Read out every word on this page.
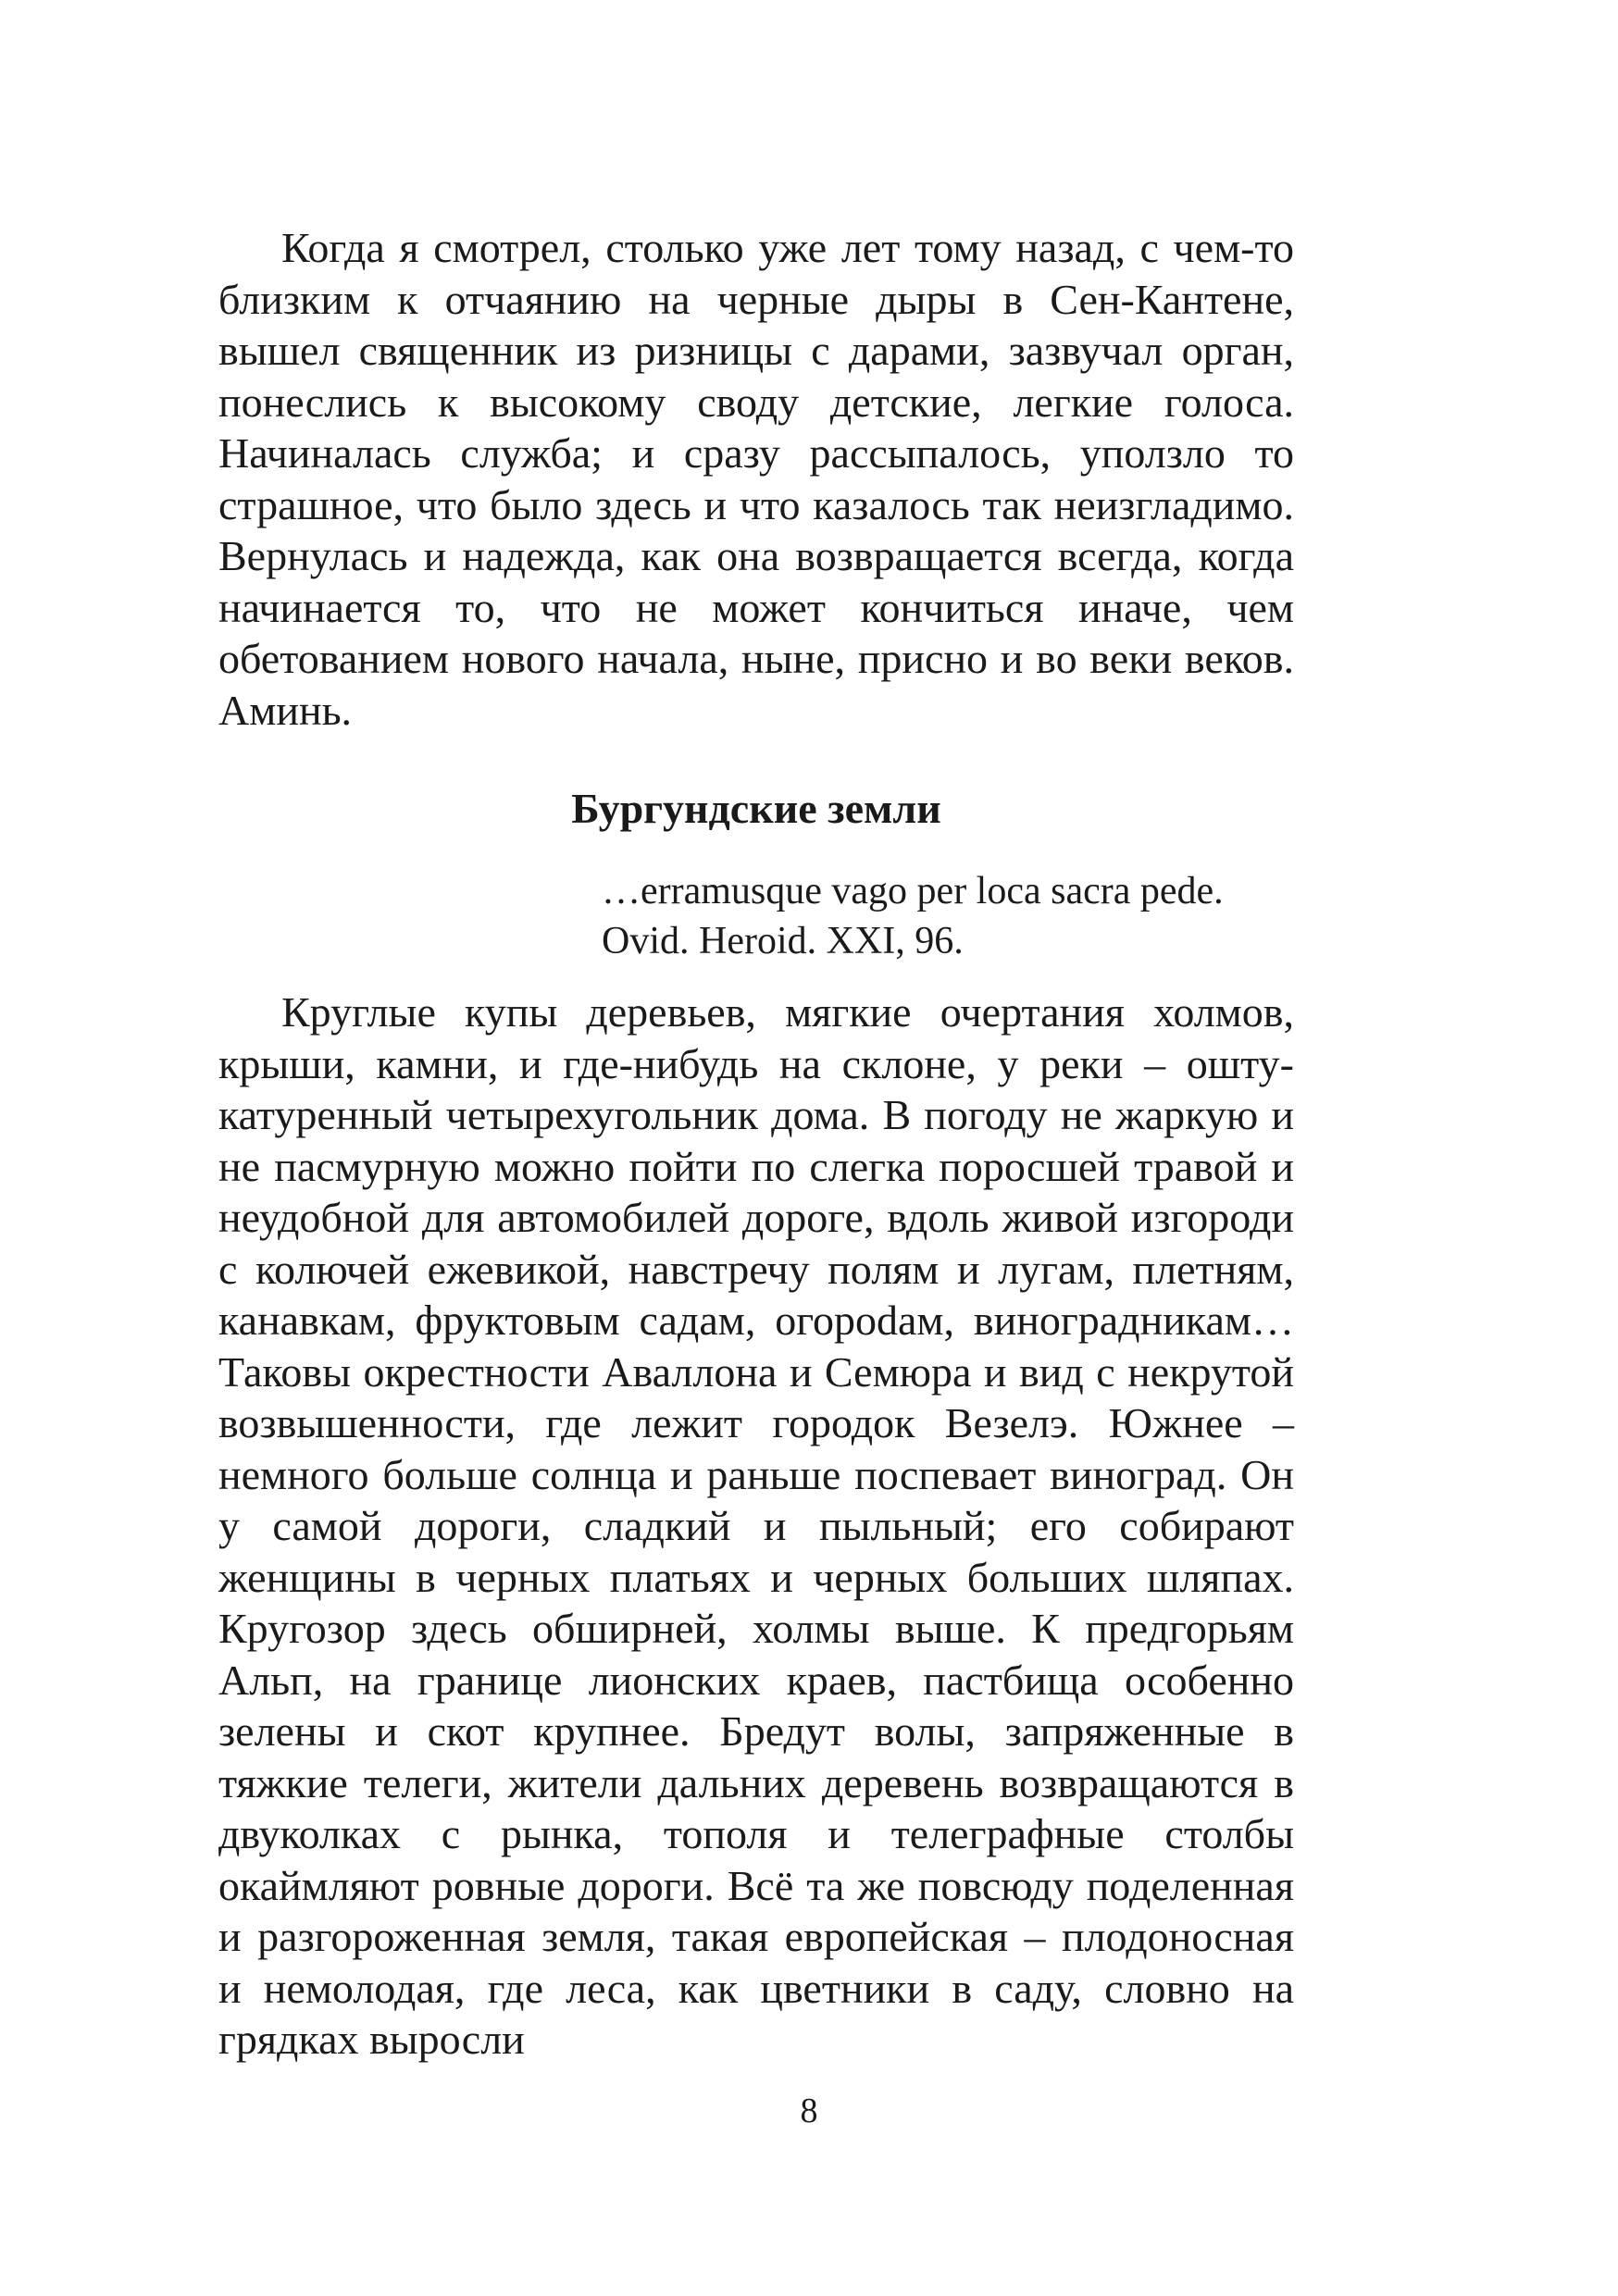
Когда я смотрел, столько уже лет тому назад, с чем-то близким к отчаянию на черные дыры в Сен-Кантене, вышел священник из ризницы с дарами, зазвучал орган, понеслись к высокому своду детские, легкие голоса. Начиналась служба; и сразу рассыпалось, уползло то страшное, что было здесь и что казалось так неизгладимо. Вернулась и надежда, как она возвращается всегда, когда начинается то, что не может кончиться иначе, чем обетованием нового начала, ныне, присно и во веки веков. Аминь.

Бургундские земли
…erramusque vago per loca sacra pede.
Ovid. Heroid. XXI, 96.

Круглые купы деревьев, мягкие очертания холмов, крыши, камни, и где-нибудь на склоне, у реки – оштукатуренный четырехугольник дома. В погоду не жаркую и не пасмурную можно пойти по слегка поросшей травой и неудобной для автомобилей дороге, вдоль живой изгороди с колючей ежевикой, навстречу полям и лугам, плетням, канавкам, фруктовым садам, огороdам, виноградникам… Таковы окрестности Аваллона и Семюра и вид с некрутой возвышенности, где лежит городок Везелэ. Южнее – немного больше солнца и раньше поспевает виноград. Он у самой дороги, сладкий и пыльный; его собирают женщины в черных платьях и черных больших шляпах. Кругозор здесь обширней, холмы выше. К предгорьям Альп, на границе лионских краев, пастбища особенно зелены и скот крупнее. Бредут волы, запряженные в тяжкие телеги, жители дальних деревень возвращаются в двуколках с рынка, тополя и телеграфные столбы окаймляют ровные дороги. Всё та же повсюду поделенная и разгороженная земля, такая европейская – плодоносная и немолодая, где леса, как цветники в саду, словно на грядках выросли

8
